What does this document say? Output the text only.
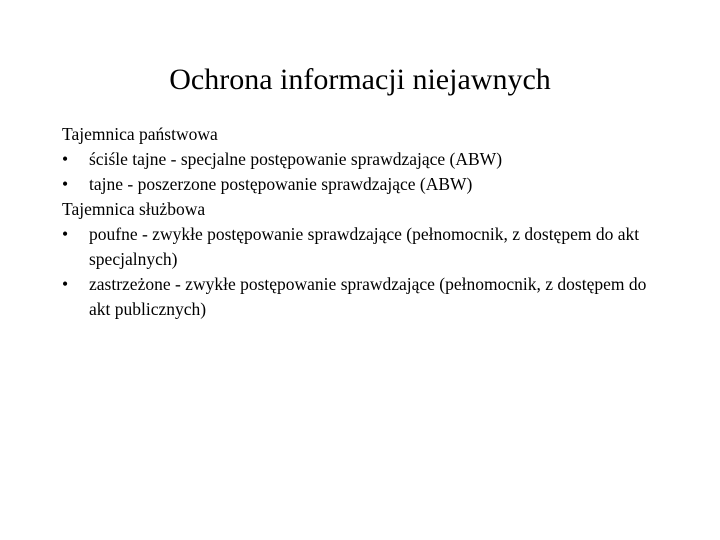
Ochrona informacji niejawnych
Tajemnica państwowa
• ściśle tajne - specjalne postępowanie sprawdzające (ABW)
• tajne - poszerzone postępowanie sprawdzające (ABW)
Tajemnica służbowa
• poufne - zwykłe postępowanie sprawdzające (pełnomocnik, z dostępem do akt specjalnych)
• zastrzeżone - zwykłe postępowanie sprawdzające (pełnomocnik, z dostępem do akt publicznych)
